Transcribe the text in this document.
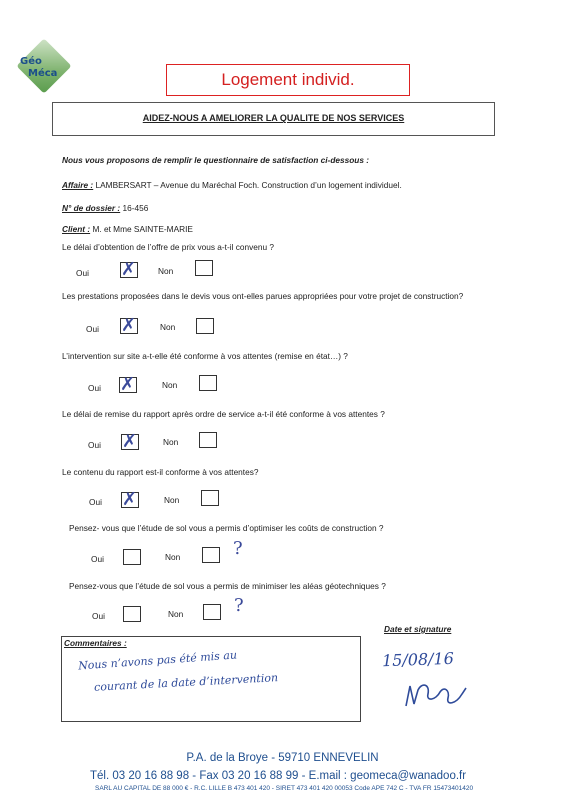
Géo
Méca	Logement individ.
AIDEZ-NOUS A AMELIORER LA QUALITE DE NOS SERVICES
Nous vous proposons de remplir le questionnaire de satisfaction ci-dessous :
Affaire : LAMBERSART – Avenue du Maréchal Foch. Construction d’un logement individuel.
N° de dossier : 16-456
Client : M. et Mme SAINTE-MARIE
Le délai d’obtention de l’offre de prix vous a-t-il convenu ?
Oui ✗	Non
Les prestations proposées dans le devis vous ont-elles parues appropriées pour votre projet de construction?
Oui ✗	Non
L’intervention sur site a-t-elle été conforme à vos attentes (remise en état…) ?
Oui ✗	Non
Le délai de remise du rapport après ordre de service a-t-il été conforme à vos attentes ?
Oui ✗	Non
Le contenu du rapport est-il conforme à vos attentes?
Oui ✗	Non
Pensez- vous que l’étude de sol vous a permis d’optimiser les coûts de construction ?
Oui	Non	?
Pensez-vous que l’étude de sol vous a permis de minimiser les aléas géotechniques ?
Oui	Non	?
Commentaires :
Nous n’avons pas été mis au
courant de la date d’intervention
Date et signature
15/08/16
P.A. de la Broye - 59710 ENNEVELIN
Tél. 03 20 16 88 98 - Fax 03 20 16 88 99 - E.mail : geomeca@wanadoo.fr
SARL AU CAPITAL DE 88 000 € - R.C. LILLE B 473 401 420 - SIRET 473 401 420 00053 Code APE 742 C - TVA FR 15473401420
